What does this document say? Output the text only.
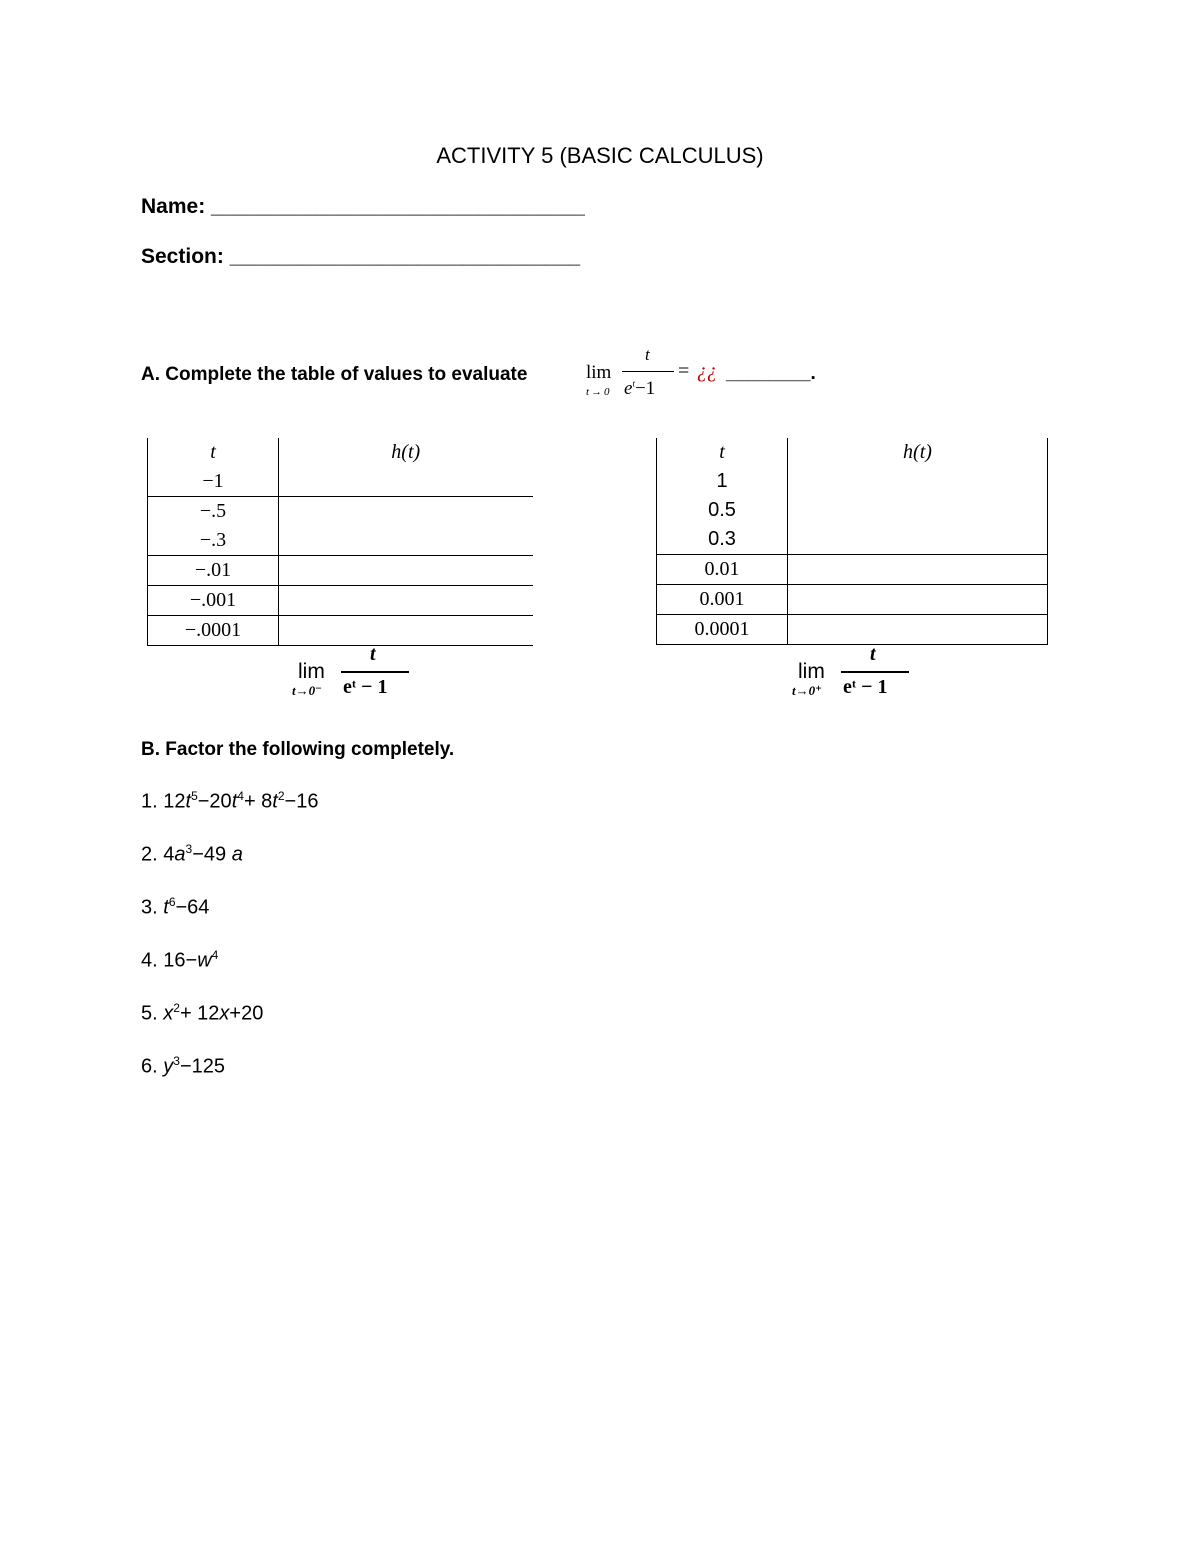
ACTIVITY 5 (BASIC CALCULUS)
Name: ________________________________
Section: ______________________________
A. Complete the table of values to evaluate	lim
t→0
t
$e^t-1$
= ¿¿ ________.
t	h(t)
−1	
−.5	
−.3	
−.01	
−.001	
−.0001	
t	h(t)
1	
0.5	
0.3	
0.01	
0.001	
0.0001	
lim
t→0⁻
t
eᵗ − 1
lim
t→0⁺
t
eᵗ − 1
B. Factor the following completely.
1. $12t^5-20t^4+ 8t^2-16$
2. $4a^3-49$ a
3. $t^6-64$
4. $16-w^4$
5. $x^2+ 12x+20$
6. $y^3-125$
